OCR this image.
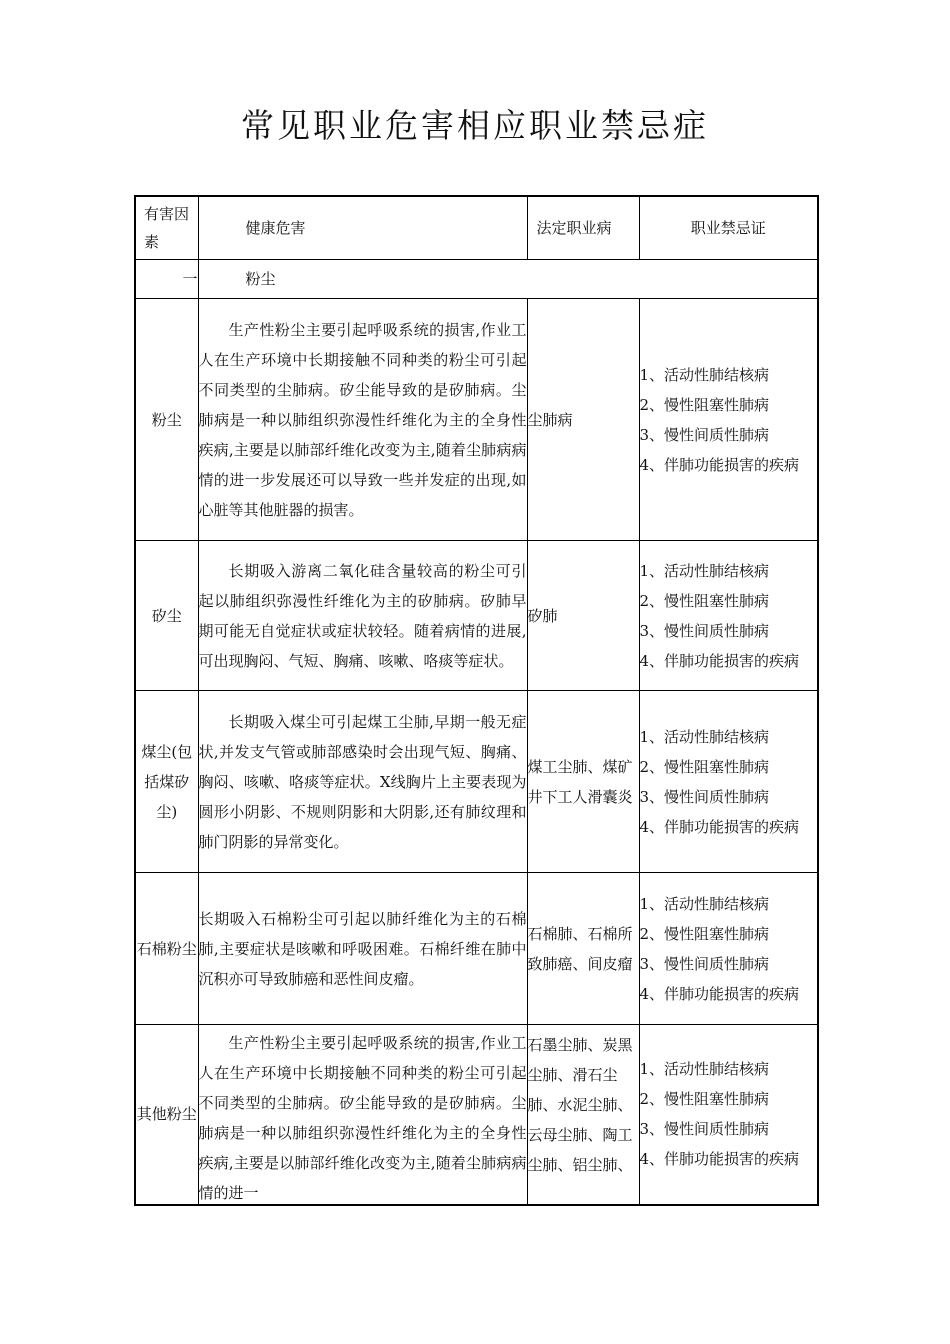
常见职业危害相应职业禁忌症
有害因素	健康危害	法定职业病	职业禁忌证
一	粉尘		
粉尘	生产性粉尘主要引起呼吸系统的损害,作业工人在生产环境中长期接触不同种类的粉尘可引起不同类型的尘肺病。矽尘能导致的是矽肺病。尘肺病是一种以肺组织弥漫性纤维化为主的全身性疾病,主要是以肺部纤维化改变为主,随着尘肺病病情的进一步发展还可以导致一些并发症的出现,如心脏等其他脏器的损害。	尘肺病	1、活动性肺结核病
2、慢性阻塞性肺病
3、慢性间质性肺病
4、伴肺功能损害的疾病

矽尘	长期吸入游离二氧化硅含量较高的粉尘可引起以肺组织弥漫性纤维化为主的矽肺病。矽肺早期可能无自觉症状或症状较轻。随着病情的进展,可出现胸闷、气短、胸痛、咳嗽、咯痰等症状。	矽肺	1、活动性肺结核病
2、慢性阻塞性肺病
3、慢性间质性肺病
4、伴肺功能损害的疾病

煤尘(包括煤矽尘)	长期吸入煤尘可引起煤工尘肺,早期一般无症状,并发支气管或肺部感染时会出现气短、胸痛、胸闷、咳嗽、咯痰等症状。X线胸片上主要表现为圆形小阴影、不规则阴影和大阴影,还有肺纹理和肺门阴影的异常变化。	煤工尘肺、煤矿井下工人滑囊炎	1、活动性肺结核病
2、慢性阻塞性肺病
3、慢性间质性肺病
4、伴肺功能损害的疾病

石棉粉尘	长期吸入石棉粉尘可引起以肺纤维化为主的石棉肺,主要症状是咳嗽和呼吸困难。石棉纤维在肺中沉积亦可导致肺癌和恶性间皮瘤。	石棉肺、石棉所致肺癌、间皮瘤	1、活动性肺结核病
2、慢性阻塞性肺病
3、慢性间质性肺病
4、伴肺功能损害的疾病

其他粉尘	生产性粉尘主要引起呼吸系统的损害,作业工人在生产环境中长期接触不同种类的粉尘可引起不同类型的尘肺病。矽尘能导致的是矽肺病。尘肺病是一种以肺组织弥漫性纤维化为主的全身性疾病,主要是以肺部纤维化改变为主,随着尘肺病病情的进一	石墨尘肺、炭黑尘肺、滑石尘肺、水泥尘肺、云母尘肺、陶工尘肺、铝尘肺、	1、活动性肺结核病
2、慢性阻塞性肺病
3、慢性间质性肺病
4、伴肺功能损害的疾病
